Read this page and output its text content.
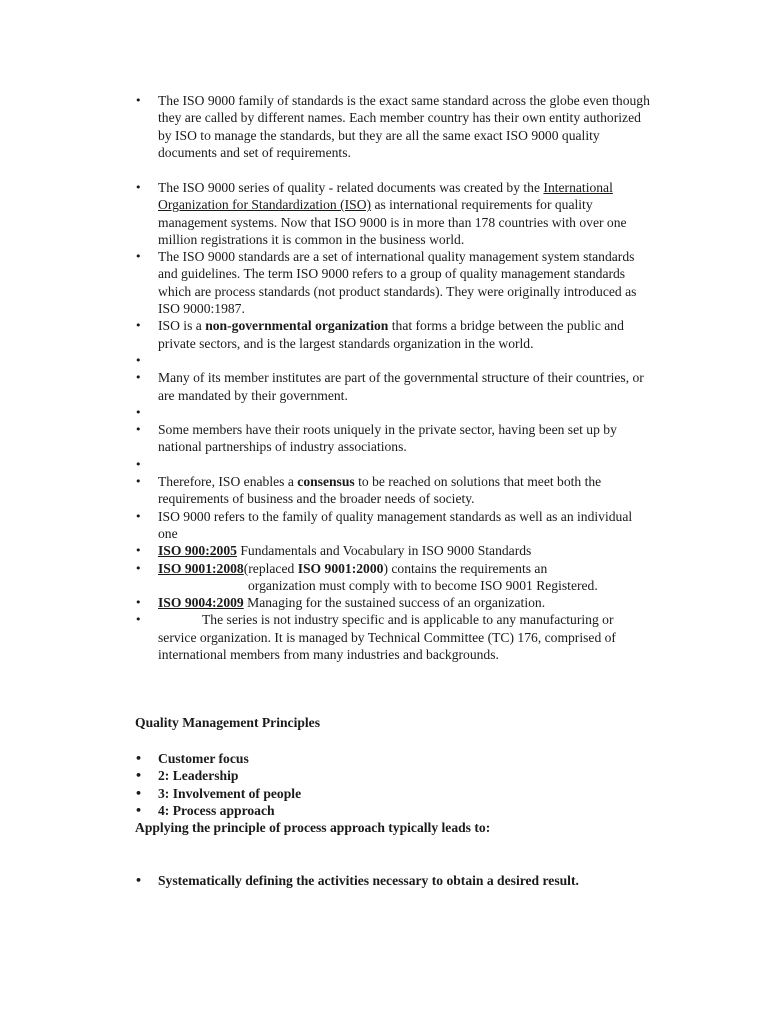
• The ISO 9000 family of standards is the exact same standard across the globe even though they are called by different names. Each member country has their own entity authorized by ISO to manage the standards, but they are all the same exact ISO 9000 quality documents and set of requirements.
• The ISO 9000 series of quality - related documents was created by the International Organization for Standardization (ISO) as international requirements for quality management systems. Now that ISO 9000 is in more than 178 countries with over one million registrations it is common in the business world.
• The ISO 9000 standards are a set of international quality management system standards and guidelines. The term ISO 9000 refers to a group of quality management standards which are process standards (not product standards). They were originally introduced as ISO 9000:1987.
• ISO is a non-governmental organization that forms a bridge between the public and private sectors, and is the largest standards organization in the world.
•

• Many of its member institutes are part of the governmental structure of their countries, or are mandated by their government.
•

• Some members have their roots uniquely in the private sector, having been set up by national partnerships of industry associations.
•

• Therefore, ISO enables a consensus to be reached on solutions that meet both the requirements of business and the broader needs of society.
• ISO 9000 refers to the family of quality management standards as well as an individual one
• ISO 900:2005 Fundamentals and Vocabulary in ISO 9000 Standards
• ISO 9001:2008(replaced ISO 9001:2000) contains the requirements an
organization must comply with to become ISO 9001 Registered.
• ISO 9004:2009 Managing for the sustained success of an organization.
•	The series is not industry specific and is applicable to any manufacturing or service organization. It is managed by Technical Committee (TC) 176, comprised of international members from many industries and backgrounds.
Quality Management Principles
• Customer focus
• 2: Leadership
• 3: Involvement of people
• 4: Process approach
Applying the principle of process approach typically leads to:
• Systematically defining the activities necessary to obtain a desired result.
